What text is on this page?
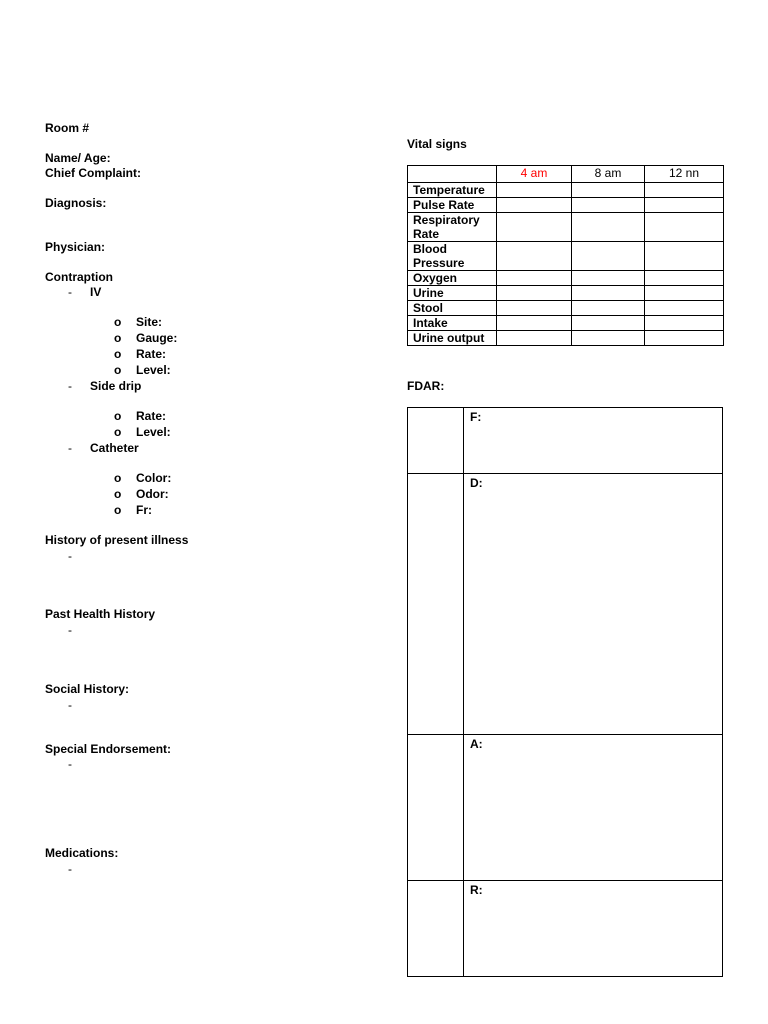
Room #
Name/ Age:
Chief Complaint:
Diagnosis:
Physician:
Contraption
- IV
o Site:
o Gauge:
o Rate:
o Level:
- Side drip
o Rate:
o Level:
- Catheter
o Color:
o Odor:
o Fr:
History of present illness
-
Past Health History
-
Social History:
-
Special Endorsement:
-
Medications:
-
Vital signs
	4 am	8 am	12 nn
Temperature			
Pulse Rate			
Respiratory Rate			
Blood Pressure			
Oxygen			
Urine			
Stool			
Intake			
Urine output			
FDAR:
F:
D:
A:
R:
